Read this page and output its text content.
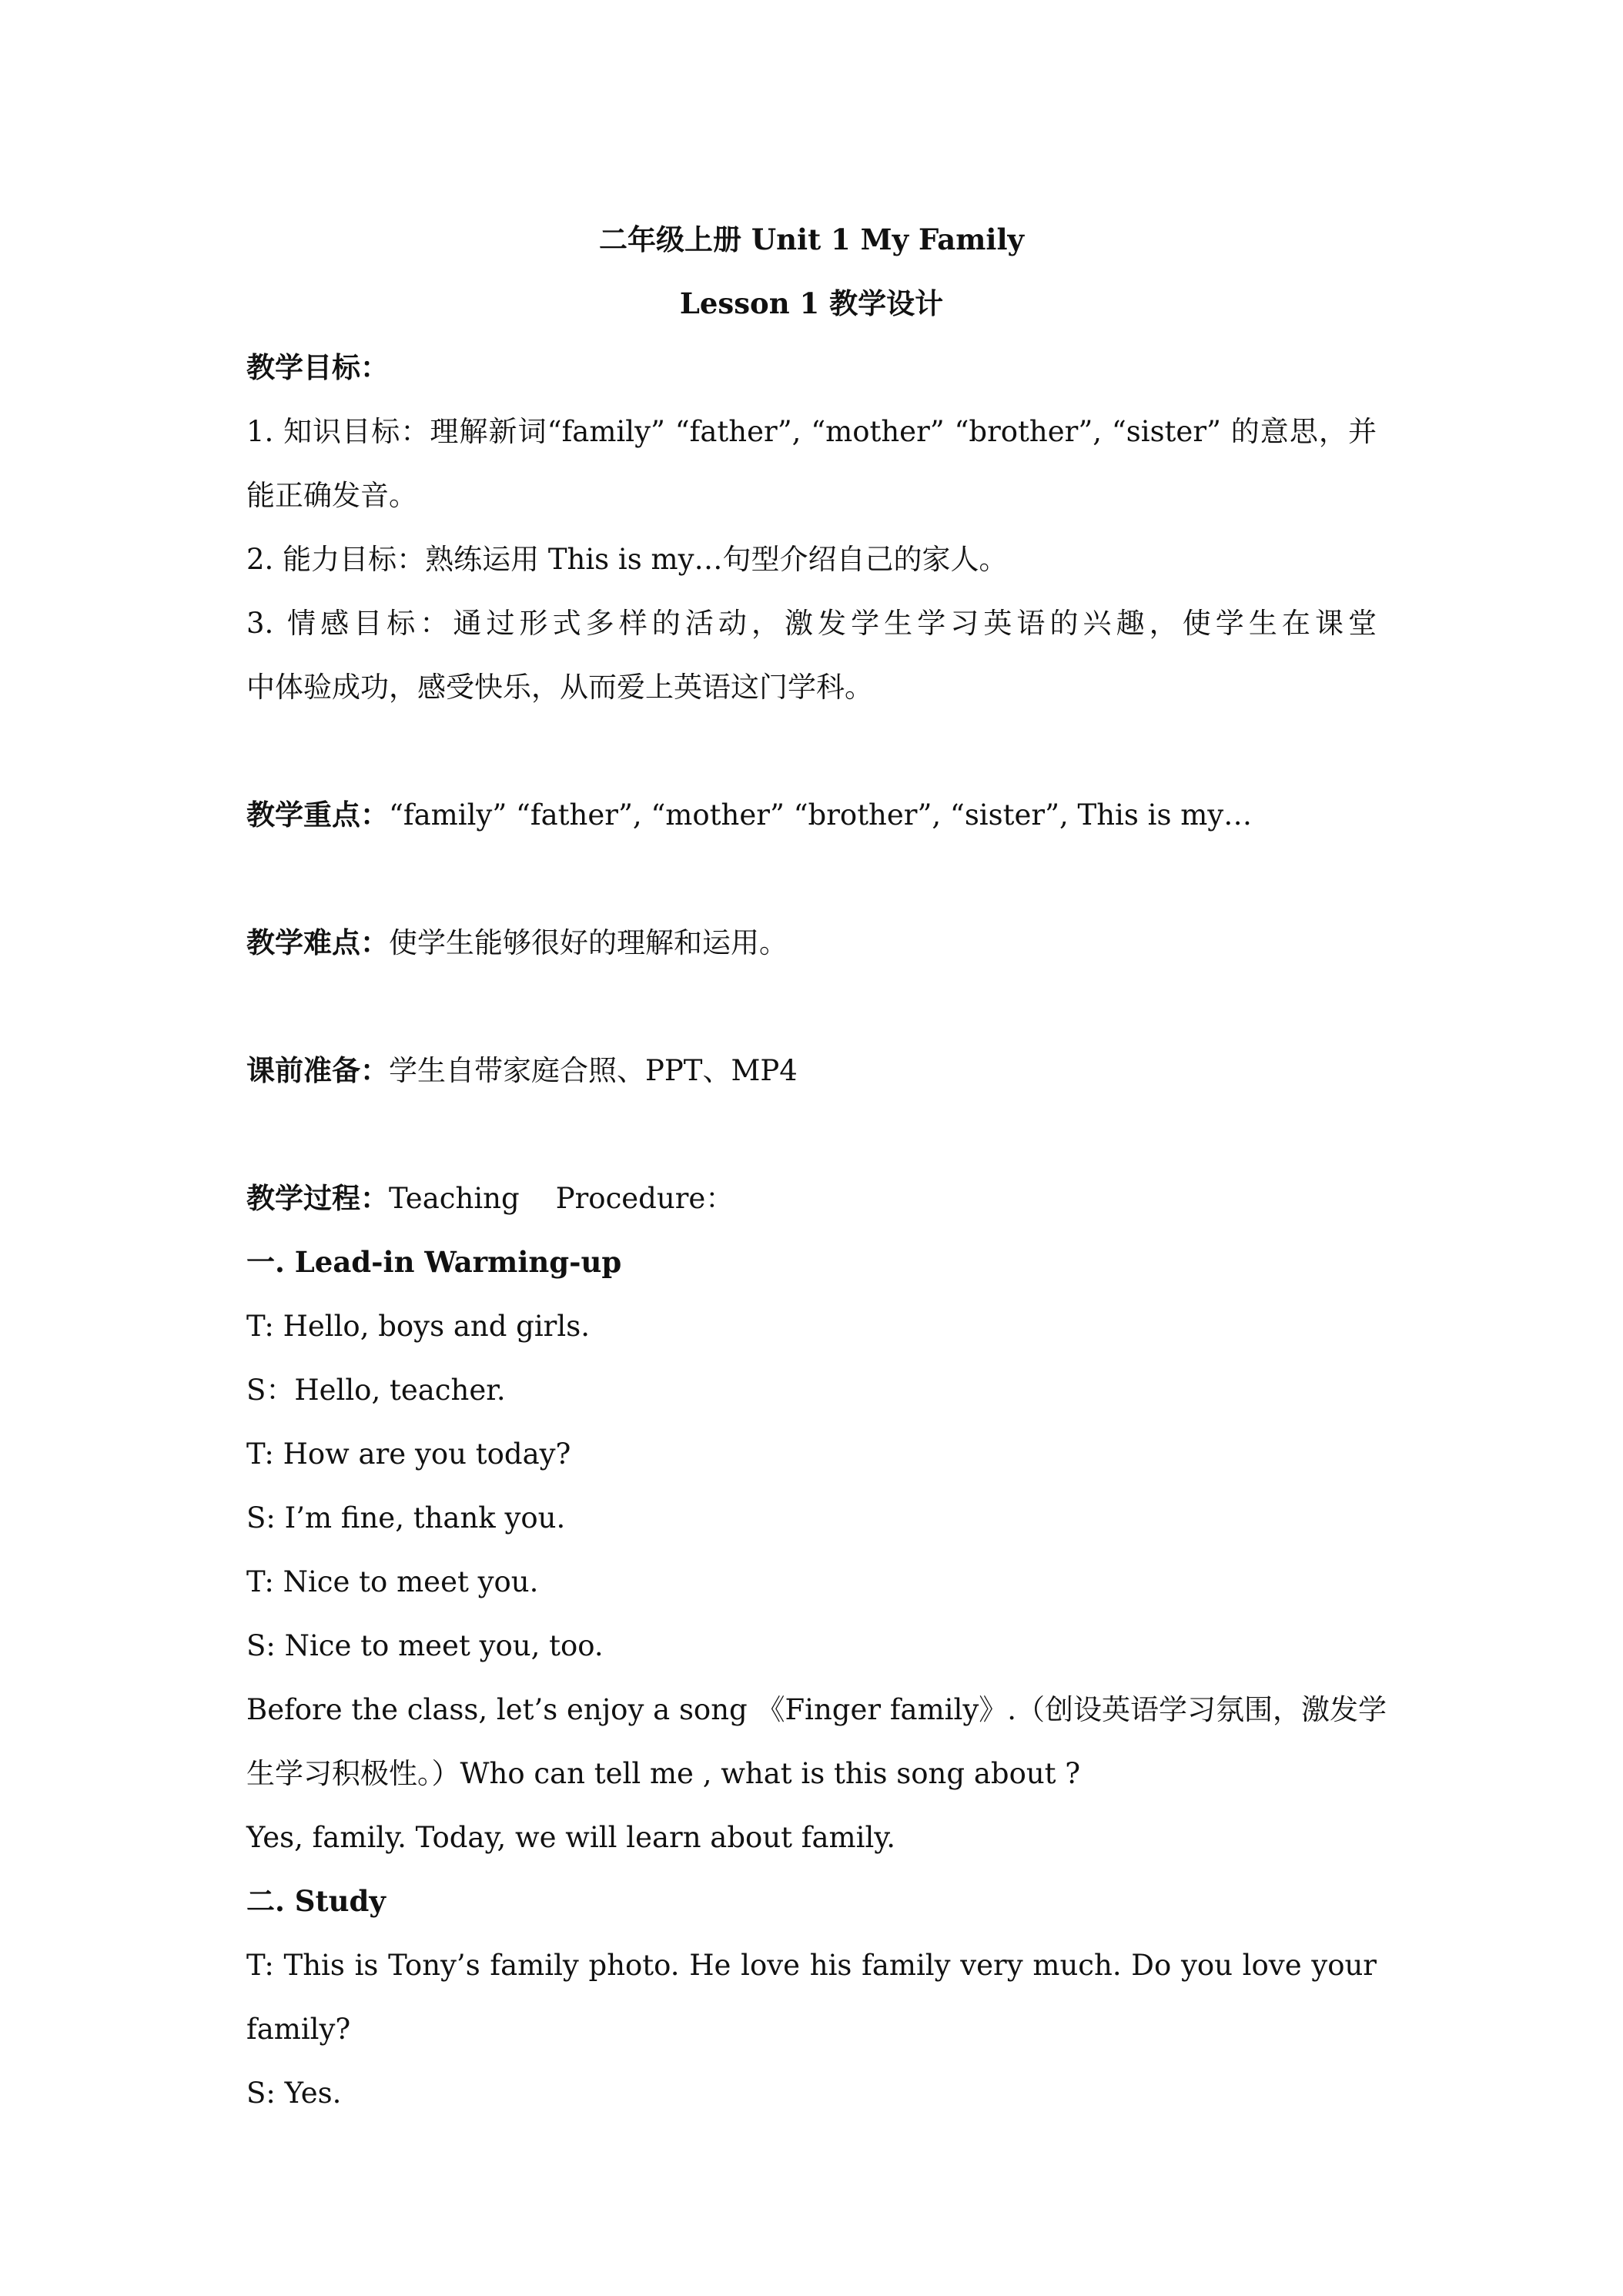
二年级上册 Unit 1 My Family

Lesson 1 教学设计

教学目标：

1. 知识目标：理解新词“family” “father”, “mother” “brother”, “sister” 的意思，并

能正确发音。

2. 能力目标：熟练运用 This is my…句型介绍自己的家人。

3. 情感目标：通过形式多样的活动，激发学生学习英语的兴趣，使学生在课堂

中体验成功，感受快乐，从而爱上英语这门学科。

教学重点：“family” “father”, “mother” “brother”, “sister”, This is my…

教学难点：使学生能够很好的理解和运用。

课前准备：学生自带家庭合照、PPT、MP4

教学过程：Teaching    Procedure：

一. Lead-in Warming-up

T: Hello, boys and girls.

S：Hello, teacher.

T: How are you today?

S: I’m fine, thank you.

T: Nice to meet you.

S: Nice to meet you, too.

Before the class, let’s enjoy a song 《Finger family》.（创设英语学习氛围，激发学

生学习积极性。）Who can tell me , what is this song about ?

Yes, family. Today, we will learn about family.

二. Study

T: This is Tony’s family photo. He love his family very much. Do you love your

family?

S: Yes.
